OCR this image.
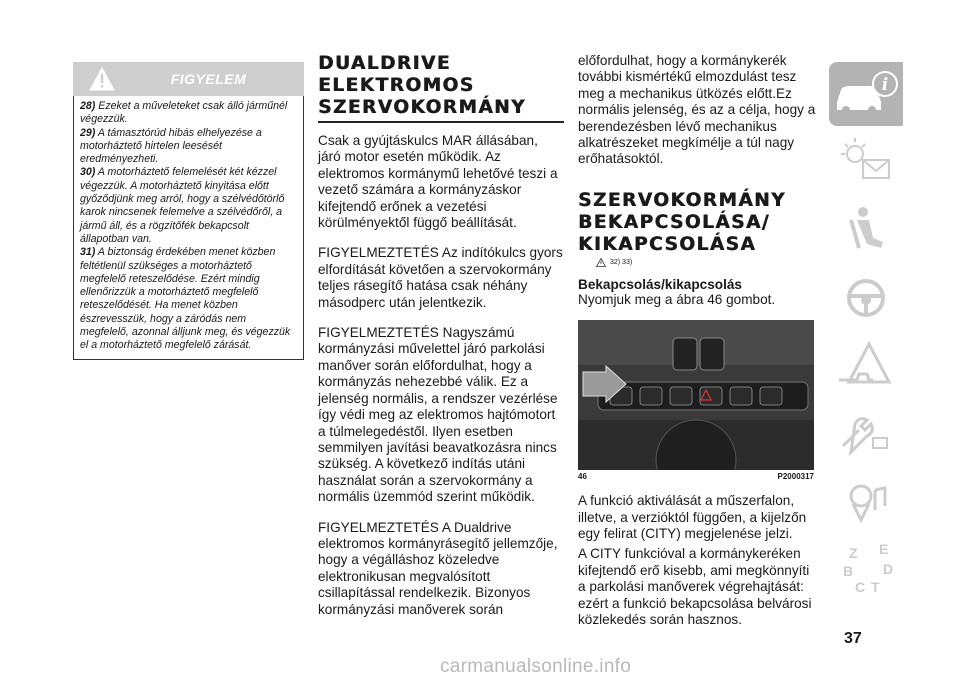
FIGYELEM

28) Ezeket a műveleteket csak álló járműnél végezzük.

29) A támasztórúd hibás elhelyezése a motorháztető hirtelen leesését eredményezheti.

30) A motorháztető felemelését két kézzel végezzük. A motorháztető kinyitása előtt győződjünk meg arról, hogy a szélvédőtörlő karok nincsenek felemelve a szélvédőről, a jármű áll, és a rögzítőfék bekapcsolt állapotban van.

31) A biztonság érdekében menet közben feltétlenül szükséges a motorháztető megfelelő reteszelődése. Ezért mindig ellenőrizzük a motorháztető megfelelő reteszelődését. Ha menet közben észrevesszük, hogy a záródás nem megfelelő, azonnal álljunk meg, és végezzük el a motorháztető megfelelő zárását.

DUALDRIVE ELEKTROMOS SZERVOKORMÁNY

Csak a gyújtáskulcs MAR állásában, járó motor esetén működik. Az elektromos kormánymű lehetővé teszi a vezető számára a kormányzáskor kifejtendő erőnek a vezetési körülményektől függő beállítását.

FIGYELMEZTETÉS Az indítókulcs gyors elfordítását követően a szervokormány teljes rásegítő hatása csak néhány másodperc után jelentkezik.

FIGYELMEZTETÉS Nagyszámú kormányzási művelettel járó parkolási manőver során előfordulhat, hogy a kormányzás nehezebbé válik. Ez a jelenség normális, a rendszer vezérlése így védi meg az elektromos hajtómotort a túlmelegedéstől. Ilyen esetben semmilyen javítási beavatkozásra nincs szükség. A következő indítás utáni használat során a szervokormány a normális üzemmód szerint működik.

FIGYELMEZTETÉS A Dualdrive elektromos kormányrásegítő jellemzője, hogy a végálláshoz közeledve elektronikusan megvalósított csillapítással rendelkezik. Bizonyos kormányzási manőverek során

előfordulhat, hogy a kormánykerék további kismértékű elmozdulást tesz meg a mechanikus ütközés előtt.Ez normális jelenség, és az a célja, hogy a berendezésben lévő mechanikus alkatrészeket megkímélje a túl nagy erőhatásoktól.

SZERVOKORMÁNY BEKAPCSOLÁSA/ KIKAPCSOLÁSA
32) 33)
Bekapcsolás/kikapcsolás

Nyomjuk meg a ábra 46 gombot.

46	P2000317

A funkció aktiválását a műszerfalon, illetve, a verzióktól függően, a kijelzőn egy felirat (CITY) megjelenése jelzi.

A CITY funkcióval a kormánykeréken kifejtendő erő kisebb, ami megkönnyíti a parkolási manőverek végrehajtását: ezért a funkció bekapcsolása belvárosi közlekedés során hasznos.

i
Z E
B D
C T
37
carmanualsonline.info
